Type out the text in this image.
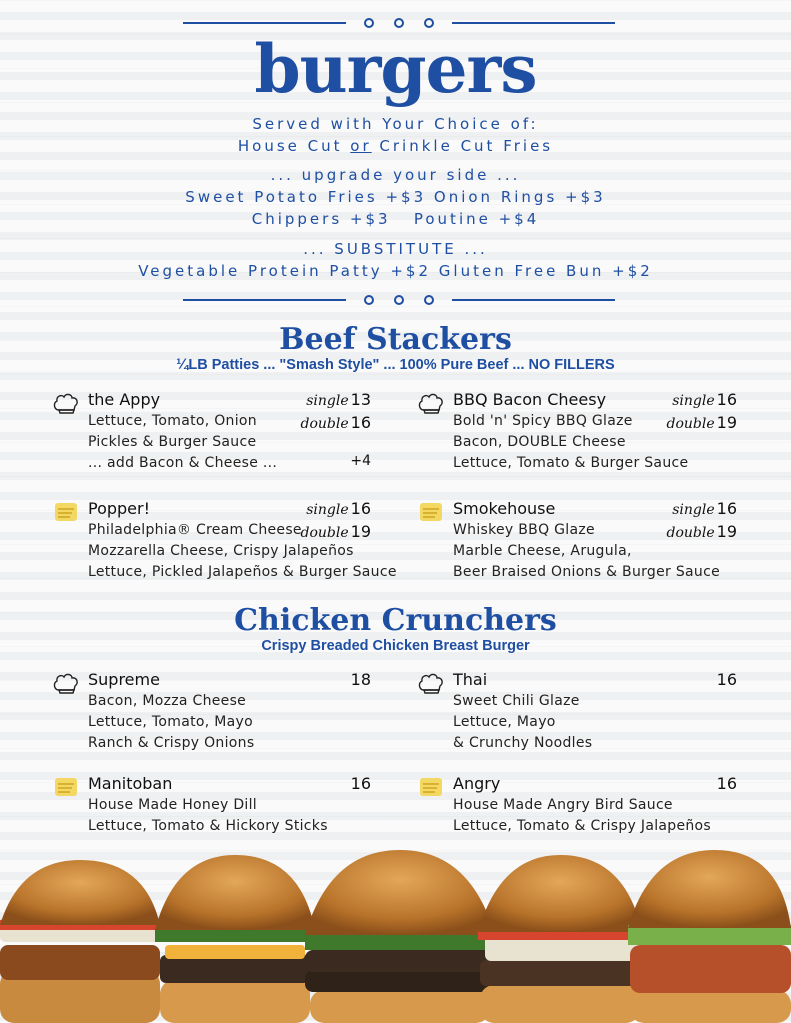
burgers
Served with Your Choice of:
House Cut or Crinkle Cut Fries
... upgrade your side ...
Sweet Potato Fries +$3 Onion Rings +$3
Chippers +$3   Poutine +$4
... SUBSTITUTE ...
Vegetable Protein Patty +$2 Gluten Free Bun +$2
Beef Stackers
¼LB Patties ... "Smash Style" ... 100% Pure Beef ... NO FILLERS
the Appy	single 13
double 16
Lettuce, Tomato, Onion
Pickles & Burger Sauce
... add Bacon & Cheese ...	+4
BBQ Bacon Cheesy	single 16
double 19
Bold 'n' Spicy BBQ Glaze
Bacon, DOUBLE Cheese
Lettuce, Tomato & Burger Sauce
Popper!	single 16
double 19
Philadelphia® Cream Cheese
Mozzarella Cheese, Crispy Jalapeños
Lettuce, Pickled Jalapeños & Burger Sauce
Smokehouse	single 16
double 19
Whiskey BBQ Glaze
Marble Cheese, Arugula,
Beer Braised Onions & Burger Sauce
Chicken Crunchers
Crispy Breaded Chicken Breast Burger
Supreme	18
Bacon, Mozza Cheese
Lettuce, Tomato, Mayo
Ranch & Crispy Onions
Thai	16
Sweet Chili Glaze
Lettuce, Mayo
& Crunchy Noodles
Manitoban	16
House Made Honey Dill
Lettuce, Tomato & Hickory Sticks
Angry	16
House Made Angry Bird Sauce
Lettuce, Tomato & Crispy Jalapeños
